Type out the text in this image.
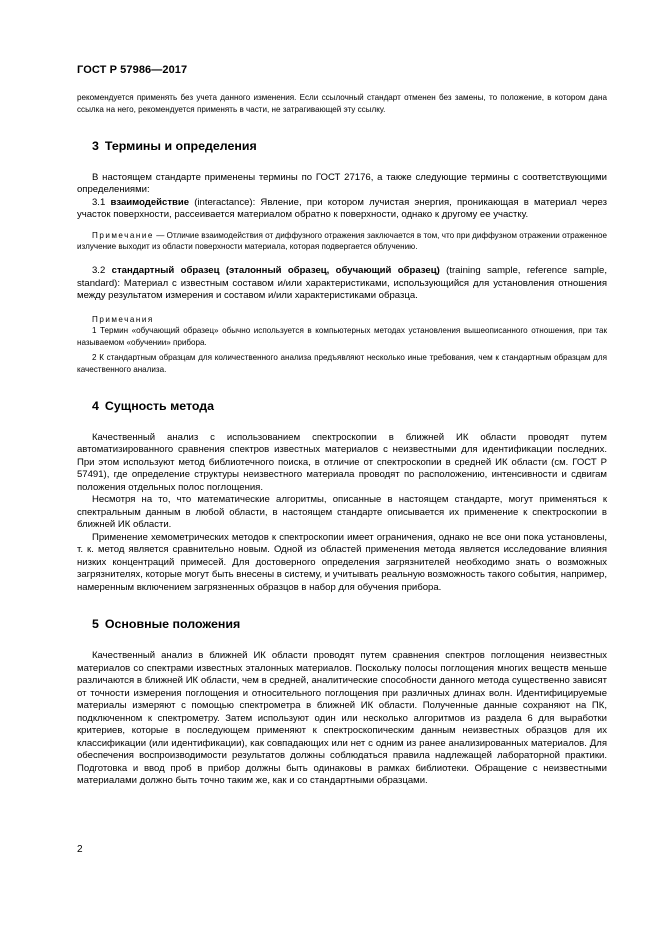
ГОСТ Р 57986—2017

рекомендуется применять без учета данного изменения. Если ссылочный стандарт отменен без замены, то положение, в котором дана ссылка на него, рекомендуется применять в части, не затрагивающей эту ссылку.

3 Термины и определения

В настоящем стандарте применены термины по ГОСТ 27176, а также следующие термины с соответствующими определениями:

3.1 взаимодействие (interactance): Явление, при котором лучистая энергия, проникающая в материал через участок поверхности, рассеивается материалом обратно к поверхности, однако к другому ее участку.

Примечание — Отличие взаимодействия от диффузного отражения заключается в том, что при диффузном отражении отраженное излучение выходит из области поверхности материала, которая подвергается облучению.

3.2 стандартный образец (эталонный образец, обучающий образец) (training sample, reference sample, standard): Материал с известным составом и/или характеристиками, использующийся для установления отношения между результатом измерения и составом и/или характеристиками образца.

Примечания

1 Термин «обучающий образец» обычно используется в компьютерных методах установления вышеописанного отношения, при так называемом «обучении» прибора.

2 К стандартным образцам для количественного анализа предъявляют несколько иные требования, чем к стандартным образцам для качественного анализа.

4 Сущность метода

Качественный анализ с использованием спектроскопии в ближней ИК области проводят путем автоматизированного сравнения спектров известных материалов с неизвестными для идентификации последних. При этом используют метод библиотечного поиска, в отличие от спектроскопии в средней ИК области (см. ГОСТ Р 57491), где определение структуры неизвестного материала проводят по расположению, интенсивности и сдвигам положения отдельных полос поглощения.

Несмотря на то, что математические алгоритмы, описанные в настоящем стандарте, могут применяться к спектральным данным в любой области, в настоящем стандарте описывается их применение к спектроскопии в ближней ИК области.

Применение хемометрических методов к спектроскопии имеет ограничения, однако не все они пока установлены, т. к. метод является сравнительно новым. Одной из областей применения метода является исследование влияния низких концентраций примесей. Для достоверного определения загрязнителей необходимо знать о возможных загрязнителях, которые могут быть внесены в систему, и учитывать реальную возможность такого события, например, намеренным включением загрязненных образцов в набор для обучения прибора.

5 Основные положения

Качественный анализ в ближней ИК области проводят путем сравнения спектров поглощения неизвестных материалов со спектрами известных эталонных материалов. Поскольку полосы поглощения многих веществ меньше различаются в ближней ИК области, чем в средней, аналитические способности данного метода существенно зависят от точности измерения поглощения и относительного поглощения при различных длинах волн. Идентифицируемые материалы измеряют с помощью спектрометра в ближней ИК области. Полученные данные сохраняют на ПК, подключенном к спектрометру. Затем используют один или несколько алгоритмов из раздела 6 для выработки критериев, которые в последующем применяют к спектроскопическим данным неизвестных образцов для их классификации (или идентификации), как совпадающих или нет с одним из ранее анализированных материалов. Для обеспечения воспроизводимости результатов должны соблюдаться правила надлежащей лабораторной практики. Подготовка и ввод проб в прибор должны быть одинаковы в рамках библиотеки. Обращение с неизвестными материалами должно быть точно таким же, как и со стандартными образцами.

2
